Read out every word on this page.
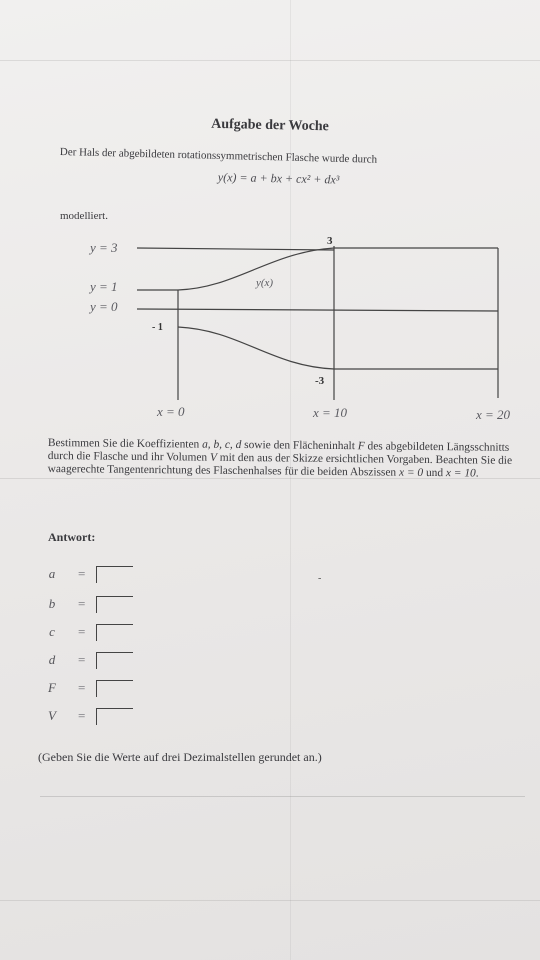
Aufgabe der Woche
Der Hals der abgebildeten rotationssymmetrischen Flasche wurde durch
y(x) = a + bx + cx² + dx³
modelliert.
y = 3
y = 1
y = 0
3
- 1
-3
y(x)
x = 0	x = 10	x = 20
Bestimmen Sie die Koeffizienten a, b, c, d sowie den Flächeninhalt F des abgebildeten Längsschnitts durch die Flasche und ihr Volumen V mit den aus der Skizze ersichtlichen Vorgaben. Beachten Sie die waagerechte Tangentenrichtung des Flaschenhalses für die beiden Abszissen x = 0 und x = 10.
Antwort:
a =
b =
c =
d =
F =
V =
-
(Geben Sie die Werte auf drei Dezimalstellen gerundet an.)
